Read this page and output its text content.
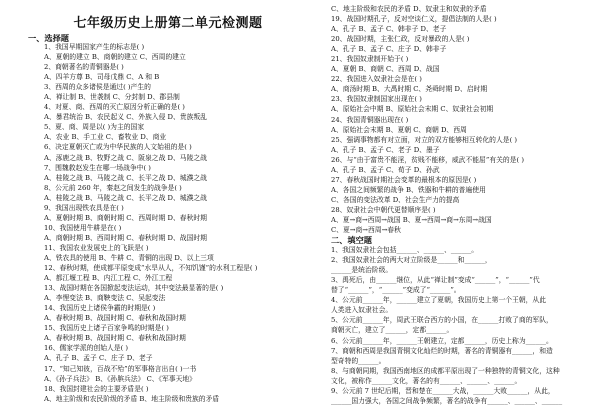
七年级历史上册第二单元检测题
一、选择题
1、我国早期国家产生的标志是( )
A、夏朝的建立 B、商朝的建立 C、西周的建立
2、商朝著名的青铜器是( )
A、四羊方尊 B、司母戊鼎 C、A 和 B
3、西周的众多诸侯是通过( )产生的
A、禅让制 B、世袭制 C、分封制 D、郡县制
4、对夏、商、西周的灭亡原因分析正确的是( )
A、暴君统治 B、农民起义 C、外族入侵 D、贵族叛乱
5、夏、商、周是以( )为主的国家
A、农业 B、手工业 C、畜牧业 D、商业
6、决定夏朝灭亡或为中华民族的人文始祖的是( )
A、涿鹿之战 B、牧野之战 C、阪泉之战 D、马陵之战
7、围魏救赵发生在哪一场战争中( )
A、桂陵之战 B、马陵之战 C、长平之战 D、城濮之战
8、公元前 260 年，秦赵之间发生的战争是( )
A、桂陵之战 B、马陵之战 C、长平之战 D、城濮之战
9、我国出现铁农具是在( )
A、夏朝时期 B、商朝时期 C、西周时期 D、春秋时期
10、我国使用牛耕是在( )
A、商朝时期 B、西周时期 C、春秋时期 D、战国时期
11、我国农业发展史上的飞跃是( )
A、铁农具的使用 B、牛耕 C、青铜的出现 D、以上三项
12、春秋时期，使成都平原变成“水旱从人，不知饥馑”的水利工程是( )
A、都江堰工程 B、内江工程 C、外江工程
13、战国时期在各国掀起变法运动，其中变法最显著的是( )
A、李悝变法 B、商鞅变法 C、吴起变法
14、我国历史上诸侯争霸的时期是( )
A、春秋时期 B、战国时期 C、春秋和战国时期
15、我国历史上诸子百家争鸣的时期是( )
A、春秋时期 B、战国时期 C、春秋和战国时期
16、儒家学派的创始人是( )
A、孔子 B、孟子 C、庄子 D、老子
17、“知己知彼，百战不殆”的军事格言出自( )一书
A、《孙子兵法》 B、《孙膑兵法》 C、《军事天地》
18、我国封建社会的主要矛盾是( )
A、地主阶级和农民阶级的矛盾 B、地主阶级和贵族的矛盾
C、地主阶级和农民的矛盾 D、奴隶主和奴隶的矛盾
19、战国时期孔子，反对空谈仁义，提倡法制的人是( )
A、孔子 B、孟子 C、韩非子 D、老子
20、战国时期，主张仁政，反对暴政的人是( )
A、孔子 B、孟子 C、庄子 D、韩非子
21、我国奴隶制开始于( )
A、夏朝 B、商朝 C、西周 D、战国
22、我国进入奴隶社会是在( )
A、商汤时期 B、大禹时期 C、尧舜时期 D、启时期
23、我国奴隶制国家出现在( )
A、原始社会中期 B、原始社会末期 C、奴隶社会初期
24、我国青铜器出现在( )
A、原始社会末期 B、夏朝 C、商朝 D、西周
25、强调事物都有对立面，对立的双方能够相互转化的人是( )
A、孔子 B、孟子 C、老子 D、墨子
26、与“由于富贵不能淫，贫贱不能移，威武不能屈”有关的是( )
A、孔子 B、孟子 C、荀子 D、孙武
27、春秋战国时期社会变革的最根本的原因是( )
A、各国之间频繁的战争 B、铁器和牛耕的普遍使用
C、各国的变法改革 D、社会生产力的提高
28、奴隶社会中朝代更替顺序是( )
A、夏→商→西周→战国 B、夏→西周→商→东周→战国
C、夏→商→西周→春秋
1、我国奴隶社会包括______、______、______。
2、我国奴隶社会的两大对立阶级是______和______，
______是统治阶级。
3、禹死后，由______继位，从此“禅让制”变成“______”，“______”代
替了“______”，“______”变成了“______”。
4、公元前______年，______建立了夏朝，我国历史上第一个王朝，从此
人类进入奴隶社会。
5、公元前______年，周武王联合西方的小国，在______打败了商的军队，
商朝灭亡，建立了______，定都______。
6、公元前______年，______王朝建立，定都______，历史上称为______。
7、商朝和西周是我国青铜文化灿烂的时期，著名的青铜器有______，和造
型奇特的______。
8、与商朝同期，我国西南地区的成都平原出现了一种独特的青铜文化，这种
文化，被称作______文化，著名的有______、______、______。
9、公元前 7 世纪后期，晋和楚在______大战，______大败______，从此，
______国力强大，各国之间战争频繁，著名的战争有______、______、______
二、填空题
